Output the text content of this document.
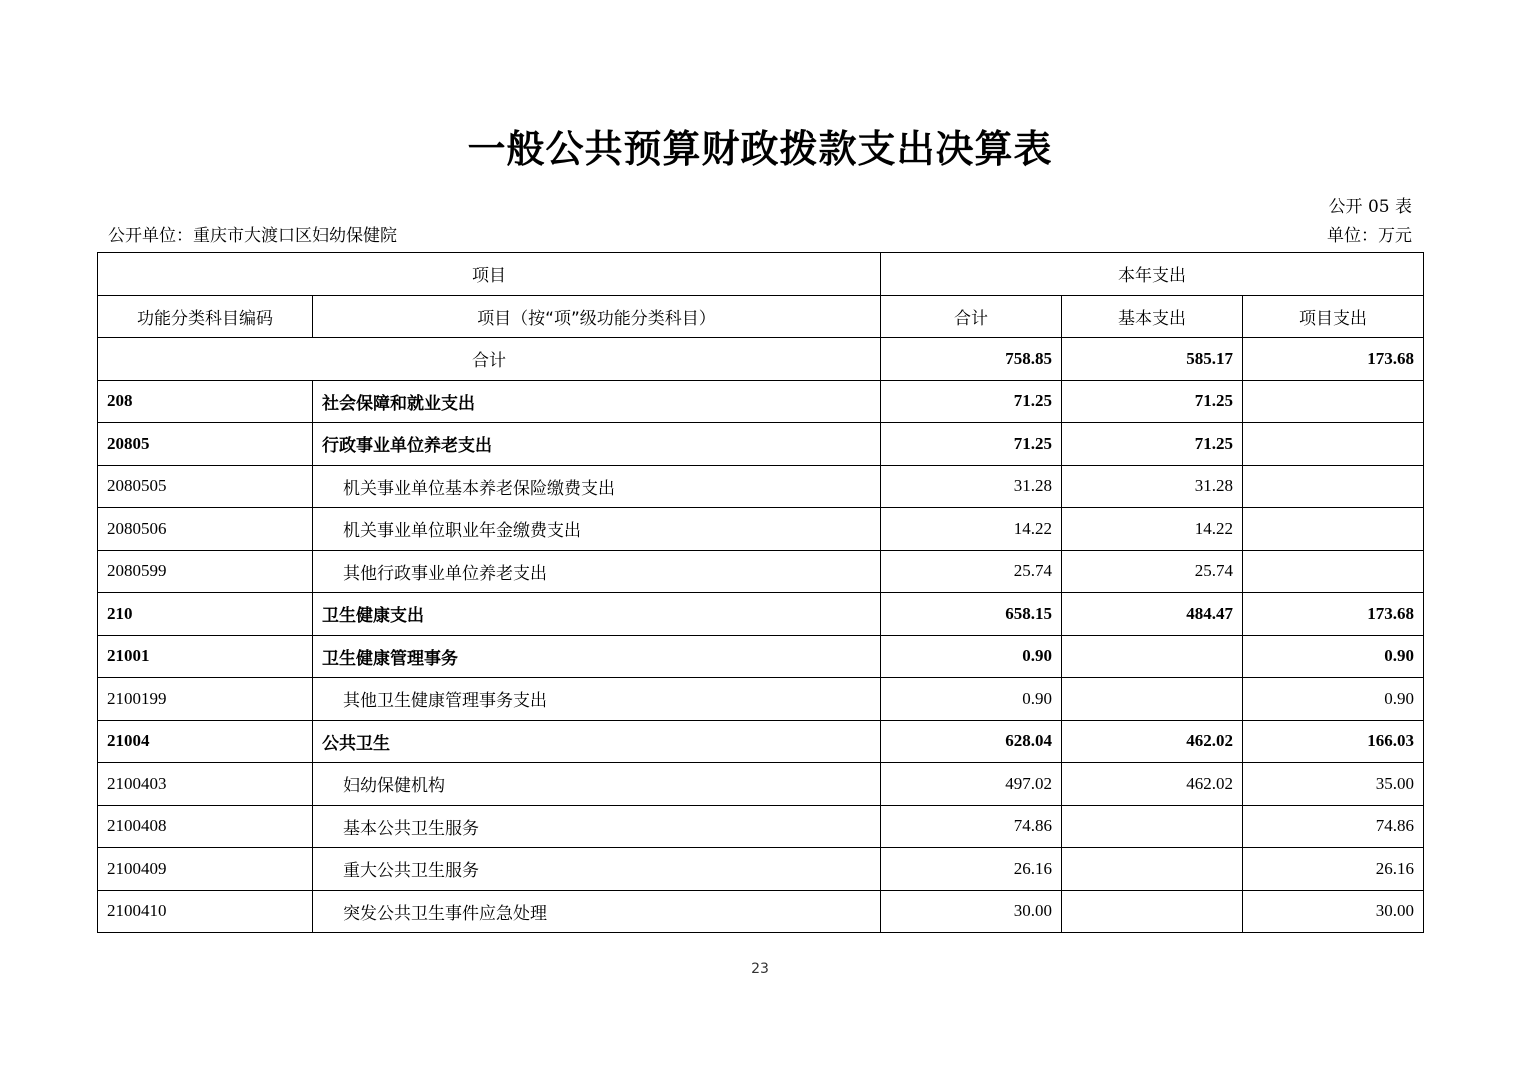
一般公共预算财政拨款支出决算表
公开 05 表
公开单位：重庆市大渡口区妇幼保健院	单位：万元
项目		本年支出		
功能分类科目编码	项目（按“项”级功能分类科目）	合计	基本支出	项目支出
合计		758.85	585.17	173.68
208	社会保障和就业支出	71.25	71.25	
20805	行政事业单位养老支出	71.25	71.25	
2080505	机关事业单位基本养老保险缴费支出	31.28	31.28	
2080506	机关事业单位职业年金缴费支出	14.22	14.22	
2080599	其他行政事业单位养老支出	25.74	25.74	
210	卫生健康支出	658.15	484.47	173.68
21001	卫生健康管理事务	0.90		0.90
2100199	其他卫生健康管理事务支出	0.90		0.90
21004	公共卫生	628.04	462.02	166.03
2100403	妇幼保健机构	497.02	462.02	35.00
2100408	基本公共卫生服务	74.86		74.86
2100409	重大公共卫生服务	26.16		26.16
2100410	突发公共卫生事件应急处理	30.00		30.00
23
